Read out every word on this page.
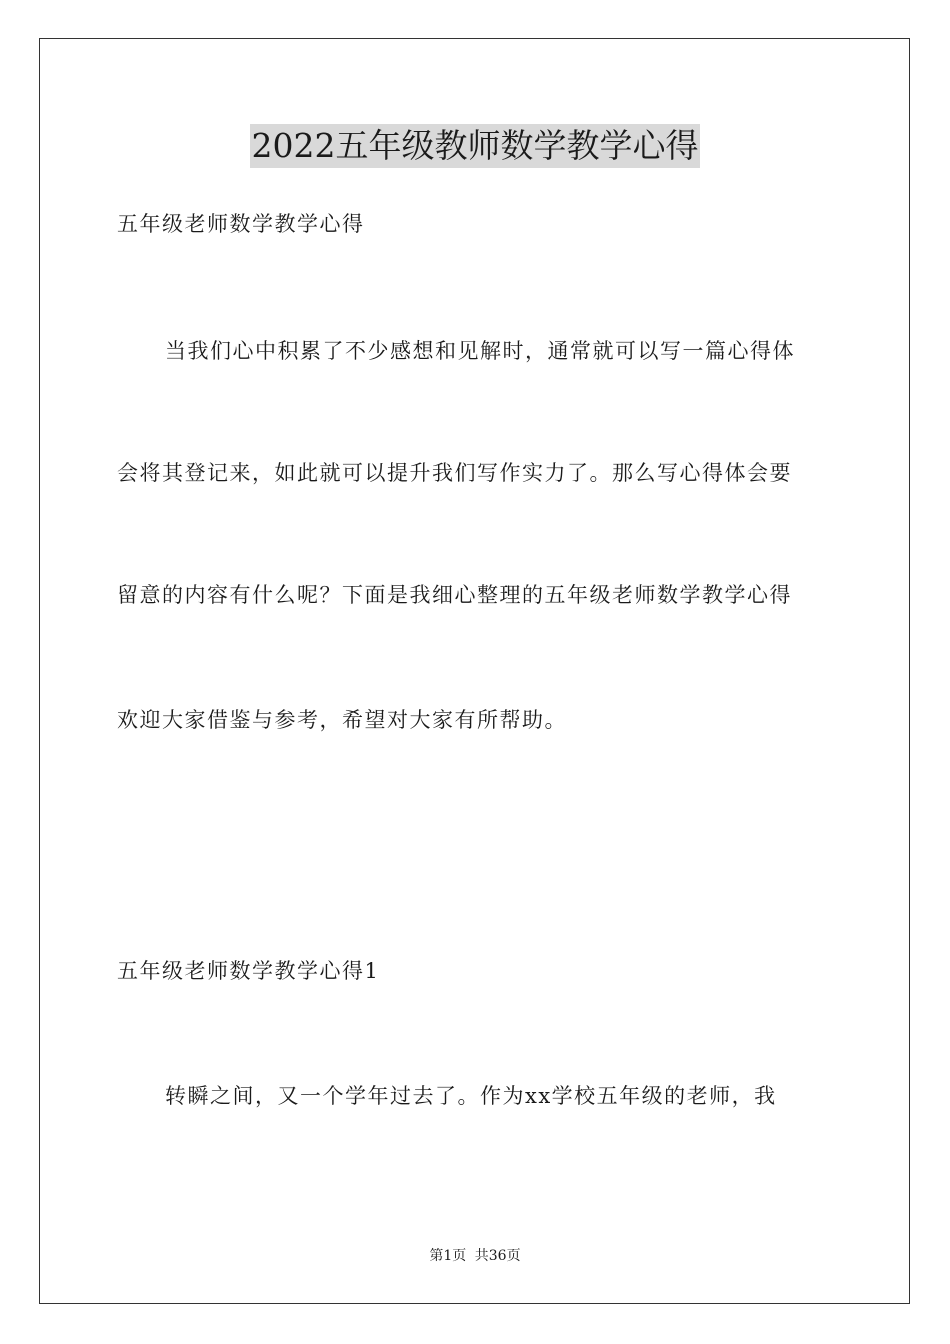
2022五年级教师数学教学心得
五年级老师数学教学心得
当我们心中积累了不少感想和见解时，通常就可以写一篇心得体
会将其登记来，如此就可以提升我们写作实力了。那么写心得体会要
留意的内容有什么呢？下面是我细心整理的五年级老师数学教学心得
欢迎大家借鉴与参考，希望对大家有所帮助。
五年级老师数学教学心得1
转瞬之间，又一个学年过去了。作为xx学校五年级的老师，我
第1页 共36页
